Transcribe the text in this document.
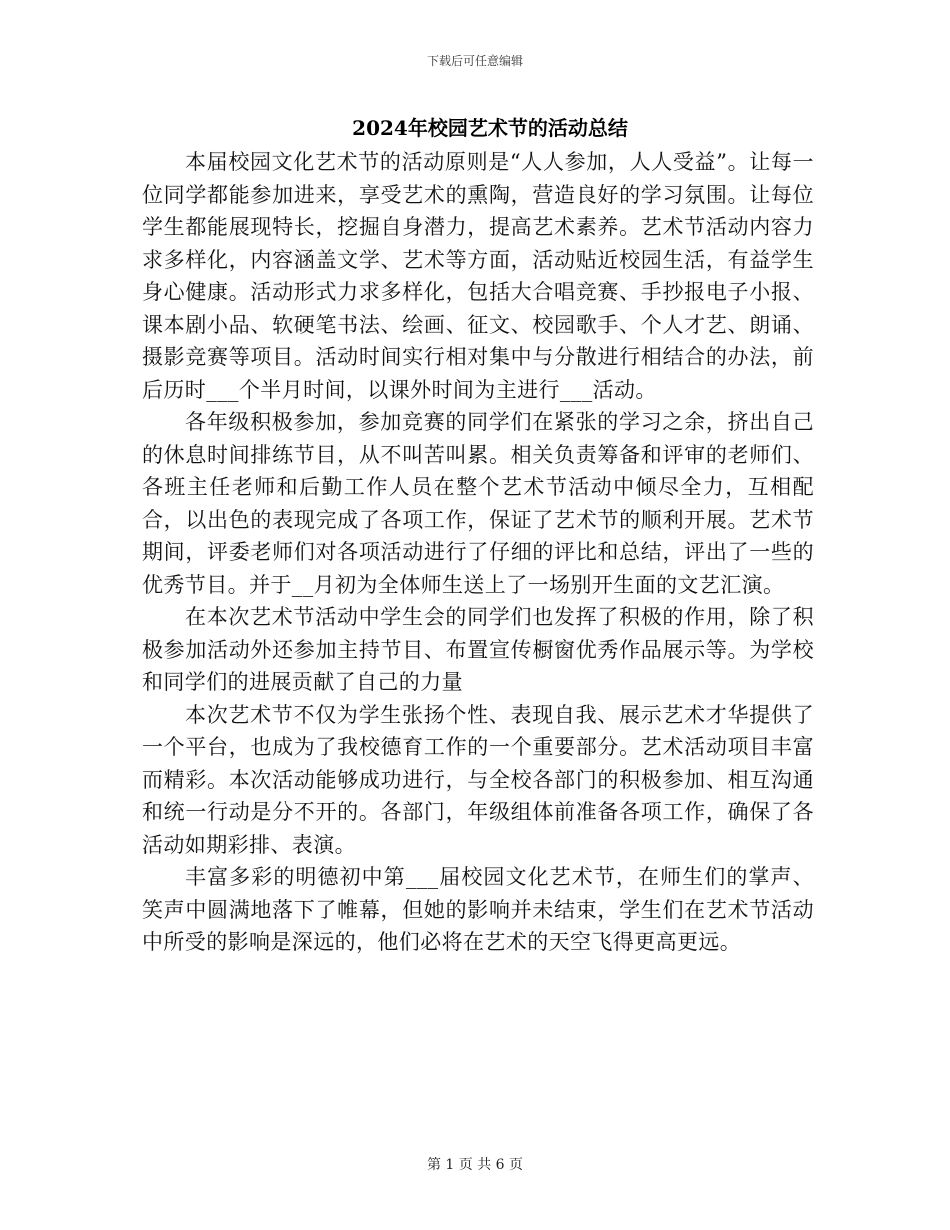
下载后可任意编辑
2024年校园艺术节的活动总结

本届校园文化艺术节的活动原则是“人人参加，人人受益”。让每一位同学都能参加进来，享受艺术的熏陶，营造良好的学习氛围。让每位学生都能展现特长，挖掘自身潜力，提高艺术素养。艺术节活动内容力求多样化，内容涵盖文学、艺术等方面，活动贴近校园生活，有益学生身心健康。活动形式力求多样化，包括大合唱竞赛、手抄报电子小报、课本剧小品、软硬笔书法、绘画、征文、校园歌手、个人才艺、朗诵、摄影竞赛等项目。活动时间实行相对集中与分散进行相结合的办法，前后历时___个半月时间，以课外时间为主进行___活动。

各年级积极参加，参加竞赛的同学们在紧张的学习之余，挤出自己的休息时间排练节目，从不叫苦叫累。相关负责筹备和评审的老师们、各班主任老师和后勤工作人员在整个艺术节活动中倾尽全力，互相配合，以出色的表现完成了各项工作，保证了艺术节的顺利开展。艺术节期间，评委老师们对各项活动进行了仔细的评比和总结，评出了一些的优秀节目。并于__月初为全体师生送上了一场别开生面的文艺汇演。

在本次艺术节活动中学生会的同学们也发挥了积极的作用，除了积极参加活动外还参加主持节目、布置宣传橱窗优秀作品展示等。为学校和同学们的进展贡献了自己的力量

本次艺术节不仅为学生张扬个性、表现自我、展示艺术才华提供了一个平台，也成为了我校德育工作的一个重要部分。艺术活动项目丰富而精彩。本次活动能够成功进行，与全校各部门的积极参加、相互沟通和统一行动是分不开的。各部门，年级组体前准备各项工作，确保了各活动如期彩排、表演。

丰富多彩的明德初中第___届校园文化艺术节，在师生们的掌声、笑声中圆满地落下了帷幕，但她的影响并未结束，学生们在艺术节活动中所受的影响是深远的，他们必将在艺术的天空飞得更高更远。

第 1 页 共 6 页
